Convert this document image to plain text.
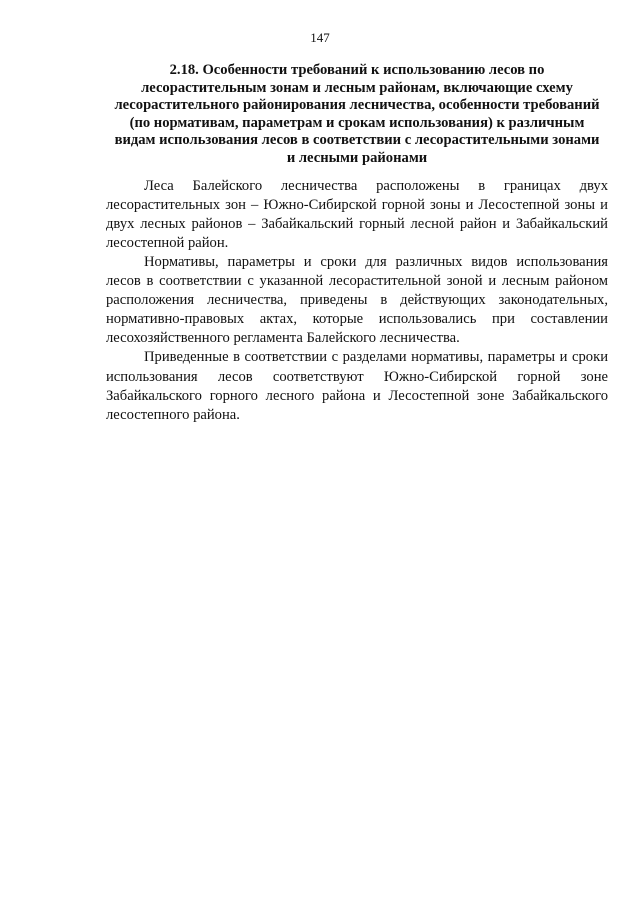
147
2.18. Особенности требований к использованию лесов по
лесорастительным зонам и лесным районам, включающие схему
лесорастительного районирования лесничества, особенности требований
(по нормативам, параметрам и срокам использования) к различным
видам использования лесов в соответствии с лесорастительными зонами
и лесными районами

Леса Балейского лесничества расположены в границах двух лесорастительных зон – Южно-Сибирской горной зоны и Лесостепной зоны и двух лесных районов – Забайкальский горный лесной район и Забайкальский лесостепной район.

Нормативы, параметры и сроки для различных видов использования лесов в соответствии с указанной лесорастительной зоной и лесным районом расположения лесничества, приведены в действующих законодательных, нормативно-правовых актах, которые использовались при составлении лесохозяйственного регламента Балейского лесничества.

Приведенные в соответствии с разделами нормативы, параметры и сроки использования лесов соответствуют Южно-Сибирской горной зоне Забайкальского горного лесного района и Лесостепной зоне Забайкальского лесостепного района.
